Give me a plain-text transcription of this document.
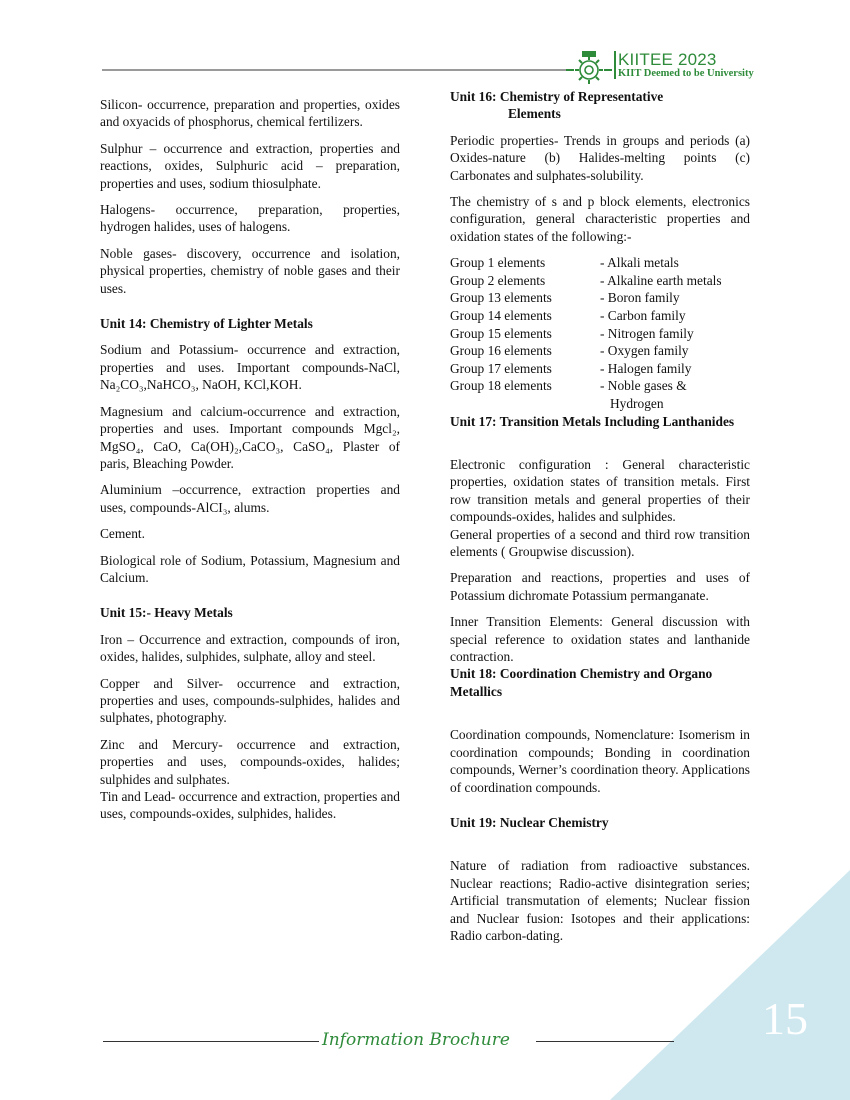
KIITEE 2023
KIIT Deemed to be University

Silicon- occurrence, preparation and properties, oxides and oxyacids of phosphorus, chemical fertilizers.

Sulphur – occurrence and extraction, properties and reactions, oxides, Sulphuric acid – preparation, properties and uses, sodium thiosulphate.

Halogens- occurrence, preparation, properties, hydrogen halides, uses of halogens.

Noble gases- discovery, occurrence and isolation, physical properties, chemistry of noble gases and their uses.

Unit 14: Chemistry of Lighter Metals

Sodium and Potassium- occurrence and extraction, properties and uses. Important compounds-NaCl, Na₂CO₃,NaHCO₃, NaOH, KCl,KOH.

Magnesium and calcium-occurrence and extraction, properties and uses. Important compounds Mgcl₂, MgSO₄, CaO, Ca(OH)₂,CaCO₃, CaSO₄, Plaster of paris, Bleaching Powder.

Aluminium –occurrence, extraction properties and uses, compounds-AlCI₃, alums.

Cement.

Biological role of Sodium, Potassium, Magnesium and Calcium.

Unit 15:- Heavy Metals

Iron – Occurrence and extraction, compounds of iron, oxides, halides, sulphides, sulphate, alloy and steel.

Copper and Silver- occurrence and extraction, properties and uses, compounds-sulphides, halides and sulphates, photography.

Zinc and Mercury- occurrence and extraction, properties and uses, compounds-oxides, halides; sulphides and sulphates.

Tin and Lead- occurrence and extraction, properties and uses, compounds-oxides, sulphides, halides.

Unit 16: Chemistry of Representative
Elements

Periodic properties- Trends in groups and periods (a) Oxides-nature (b) Halides-melting points (c) Carbonates and sulphates-solubility.

The chemistry of s and p block elements, electronics configuration, general characteristic properties and oxidation states of the following:-

Group 1 elements	- Alkali metals
Group 2 elements	- Alkaline earth metals
Group 13 elements	- Boron family
Group 14 elements	- Carbon family
Group 15 elements	- Nitrogen family
Group 16 elements	- Oxygen family
Group 17 elements	- Halogen family
Group 18 elements	- Noble gases &
Hydrogen
Unit 17: Transition Metals Including Lanthanides

Electronic configuration : General characteristic properties, oxidation states of transition metals. First row transition metals and general properties of their compounds-oxides, halides and sulphides.

General properties of a second and third row transition elements ( Groupwise discussion).

Preparation and reactions, properties and uses of Potassium dichromate Potassium permanganate.

Inner Transition Elements: General discussion with special reference to oxidation states and lanthanide contraction.

Unit 18: Coordination Chemistry and Organo Metallics

Coordination compounds, Nomenclature: Isomerism in coordination compounds; Bonding in coordination compounds, Werner’s coordination theory. Applications of coordination compounds.

Unit 19: Nuclear Chemistry

Nature of radiation from radioactive substances. Nuclear reactions; Radio-active disintegration series; Artificial transmutation of elements; Nuclear fission and Nuclear fusion: Isotopes and their applications: Radio carbon-dating.

15
Information Brochure
